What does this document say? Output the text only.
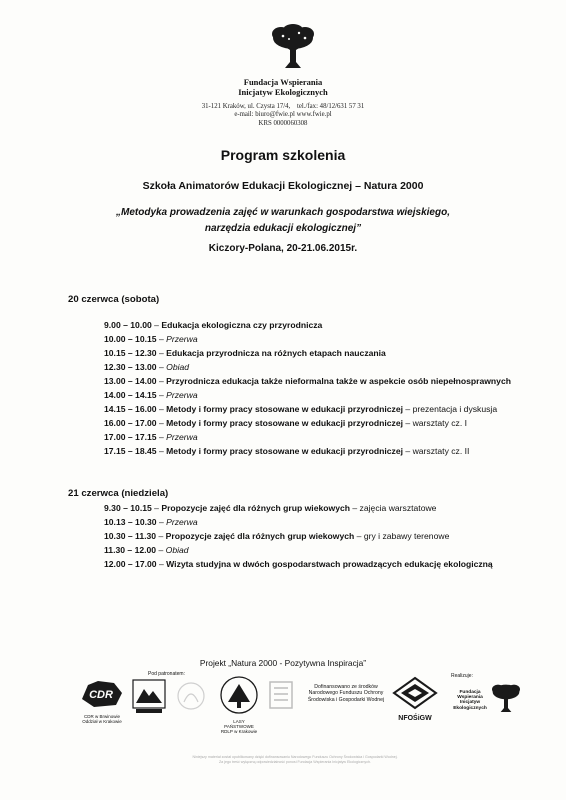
Fundacja Wspierania
Inicjatyw Ekologicznych
31-121 Kraków, ul. Czysta 17/4,    tel./fax: 48/12/631 57 31
e-mail: biuro@fwie.pl www.fwie.pl
KRS 0000060308
Program szkolenia
Szkoła Animatorów Edukacji Ekologicznej – Natura 2000
„Metodyka prowadzenia zajęć w warunkach gospodarstwa wiejskiego,
narzędzia edukacji ekologicznej”
Kiczory-Polana, 20-21.06.2015r.
20 czerwca (sobota)
9.00 – 10.00 – Edukacja ekologiczna czy przyrodnicza
10.00 – 10.15 – Przerwa
10.15 – 12.30 – Edukacja przyrodnicza na różnych etapach nauczania
12.30 – 13.00 – Obiad
13.00 – 14.00 – Przyrodnicza edukacja także nieformalna także w aspekcie osób niepełnosprawnych
14.00 – 14.15 – Przerwa
14.15 – 16.00 – Metody i formy pracy stosowane w edukacji przyrodniczej – prezentacja i dyskusja
16.00 – 17.00 – Metody i formy pracy stosowane w edukacji przyrodniczej – warsztaty cz. I
17.00 – 17.15 – Przerwa
17.15 – 18.45 – Metody i formy pracy stosowane w edukacji przyrodniczej – warsztaty cz. II
21 czerwca (niedziela)
9.30 – 10.15 – Propozycje zajęć dla różnych grup wiekowych – zajęcia warsztatowe
10.13 – 10.30 – Przerwa
10.30 – 11.30 – Propozycje zajęć dla różnych grup wiekowych – gry i zabawy terenowe
11.30 – 12.00 – Obiad
12.00 – 17.00 – Wizyta studyjna w dwóch gospodarstwach prowadzących edukację ekologiczną
Projekt „Natura 2000 - Pozytywna Inspiracja”
Pod patronatem:	Realizuje:
CDR
CDR w Brwinowie Oddział w Krakowie	LASY PAŃSTWOWE
RDLP w Krakowie
Dofinansowano ze środków Narodowego Funduszu Ochrony Środowiska i Gospodarki Wodnej
NFOŚiGW
Fundacja Wspierania Inicjatyw Ekologicznych
Niniejszy materiał został opublikowany dzięki dofinansowaniu Narodowego Funduszu Ochrony Środowiska i Gospodarki Wodnej.
Za jego treść wyłączną odpowiedzialność ponosi Fundacja Wspierania Inicjatyw Ekologicznych.
